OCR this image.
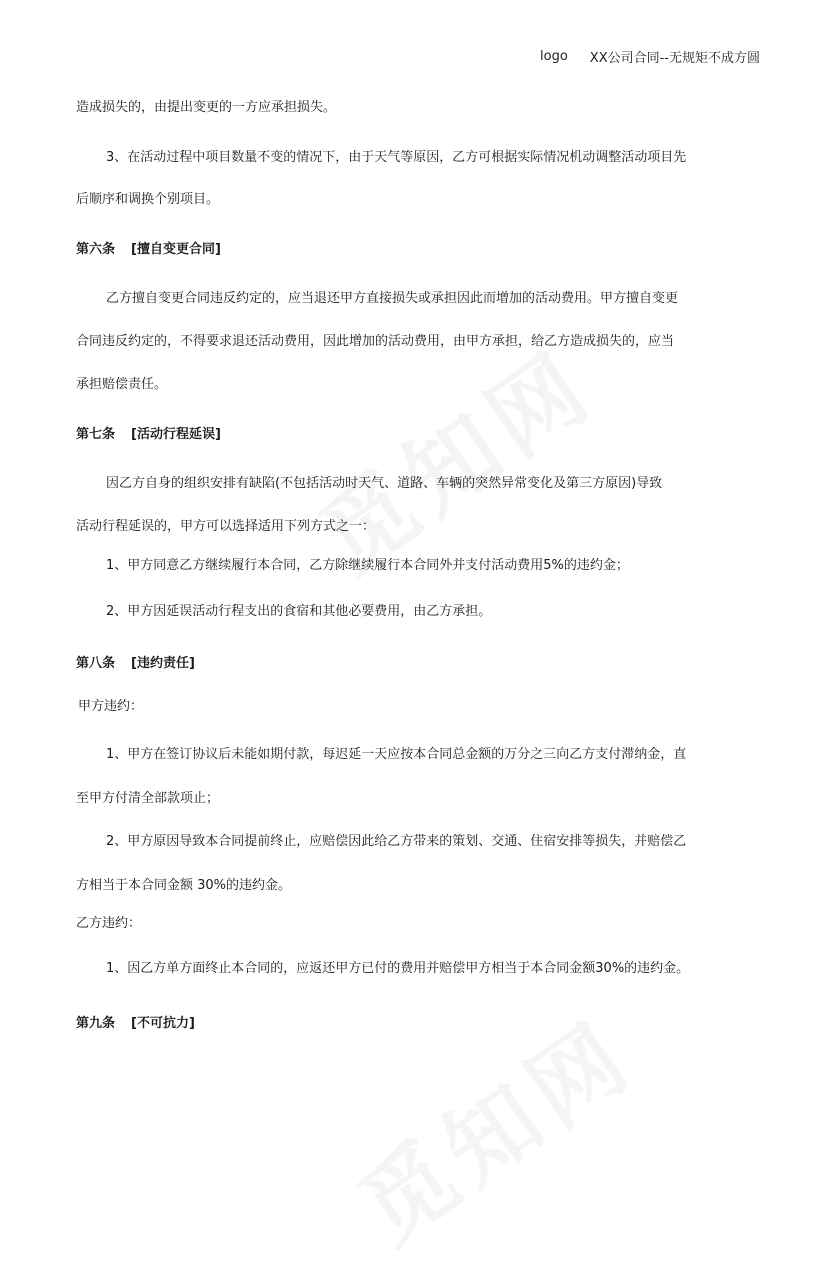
logo XX公司合同--无规矩不成方圆
造成损失的，由提出变更的一方应承担损失。
3、在活动过程中项目数量不变的情况下，由于天气等原因，乙方可根据实际情况机动调整活动项目先
后顺序和调换个别项目。
第六条 [擅自变更合同]
乙方擅自变更合同违反约定的，应当退还甲方直接损失或承担因此而增加的活动费用。甲方擅自变更
合同违反约定的，不得要求退还活动费用，因此增加的活动费用，由甲方承担，给乙方造成损失的，应当
承担赔偿责任。
第七条 [活动行程延误]
因乙方自身的组织安排有缺陷(不包括活动时天气、道路、车辆的突然异常变化及第三方原因)导致
活动行程延误的，甲方可以选择适用下列方式之一：
1、甲方同意乙方继续履行本合同，乙方除继续履行本合同外并支付活动费用5%的违约金；
2、甲方因延误活动行程支出的食宿和其他必要费用，由乙方承担。
第八条 [违约责任]
甲方违约：
1、甲方在签订协议后未能如期付款，每迟延一天应按本合同总金额的万分之三向乙方支付滞纳金，直
至甲方付清全部款项止；
2、甲方原因导致本合同提前终止，应赔偿因此给乙方带来的策划、交通、住宿安排等损失，并赔偿乙
方相当于本合同金额 30%的违约金。
乙方违约：
1、因乙方单方面终止本合同的，应返还甲方已付的费用并赔偿甲方相当于本合同金额30%的违约金。
第九条 [不可抗力]
